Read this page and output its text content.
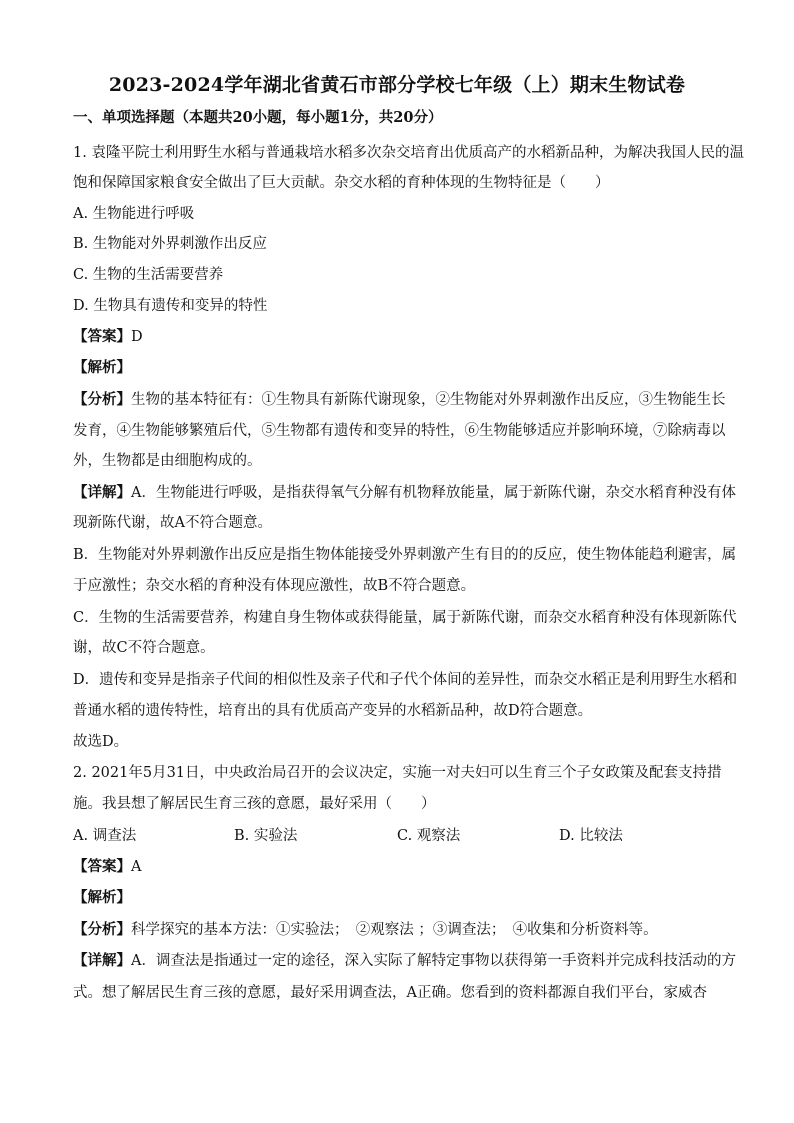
2023-2024学年湖北省黄石市部分学校七年级（上）期末生物试卷
一、单项选择题（本题共20小题，每小题1分，共20分）
1. 袁隆平院士利用野生水稻与普通栽培水稻多次杂交培育出优质高产的水稻新品种，为解决我国人民的温
饱和保障国家粮食安全做出了巨大贡献。杂交水稻的育种体现的生物特征是（　　）
A. 生物能进行呼吸
B. 生物能对外界刺激作出反应
C. 生物的生活需要营养
D. 生物具有遗传和变异的特性
【答案】D
【解析】
【分析】生物的基本特征有：①生物具有新陈代谢现象，②生物能对外界刺激作出反应，③生物能生长
发育，④生物能够繁殖后代，⑤生物都有遗传和变异的特性，⑥生物能够适应并影响环境，⑦除病毒以
外，生物都是由细胞构成的。
【详解】A．生物能进行呼吸，是指获得氧气分解有机物释放能量，属于新陈代谢，杂交水稻育种没有体
现新陈代谢，故A不符合题意。
B．生物能对外界刺激作出反应是指生物体能接受外界刺激产生有目的的反应，使生物体能趋利避害，属
于应激性；杂交水稻的育种没有体现应激性，故B不符合题意。
C．生物的生活需要营养，构建自身生物体或获得能量，属于新陈代谢，而杂交水稻育种没有体现新陈代
谢，故C不符合题意。
D．遗传和变异是指亲子代间的相似性及亲子代和子代个体间的差异性，而杂交水稻正是利用野生水稻和
普通水稻的遗传特性，培育出的具有优质高产变异的水稻新品种，故D符合题意。
故选D。
2. 2021年5月31日，中央政治局召开的会议决定，实施一对夫妇可以生育三个子女政策及配套支持措
施。我县想了解居民生育三孩的意愿，最好采用（　　）
A. 调查法	B. 实验法	C. 观察法	D. 比较法
【答案】A
【解析】
【分析】科学探究的基本方法：①实验法；　②观察法 ；③调查法；　④收集和分析资料等。
【详解】A．调查法是指通过一定的途径，深入实际了解特定事物以获得第一手资料并完成科技活动的方
式。想了解居民生育三孩的意愿，最好采用调查法，A正确。您看到的资料都源自我们平台，家威杏
